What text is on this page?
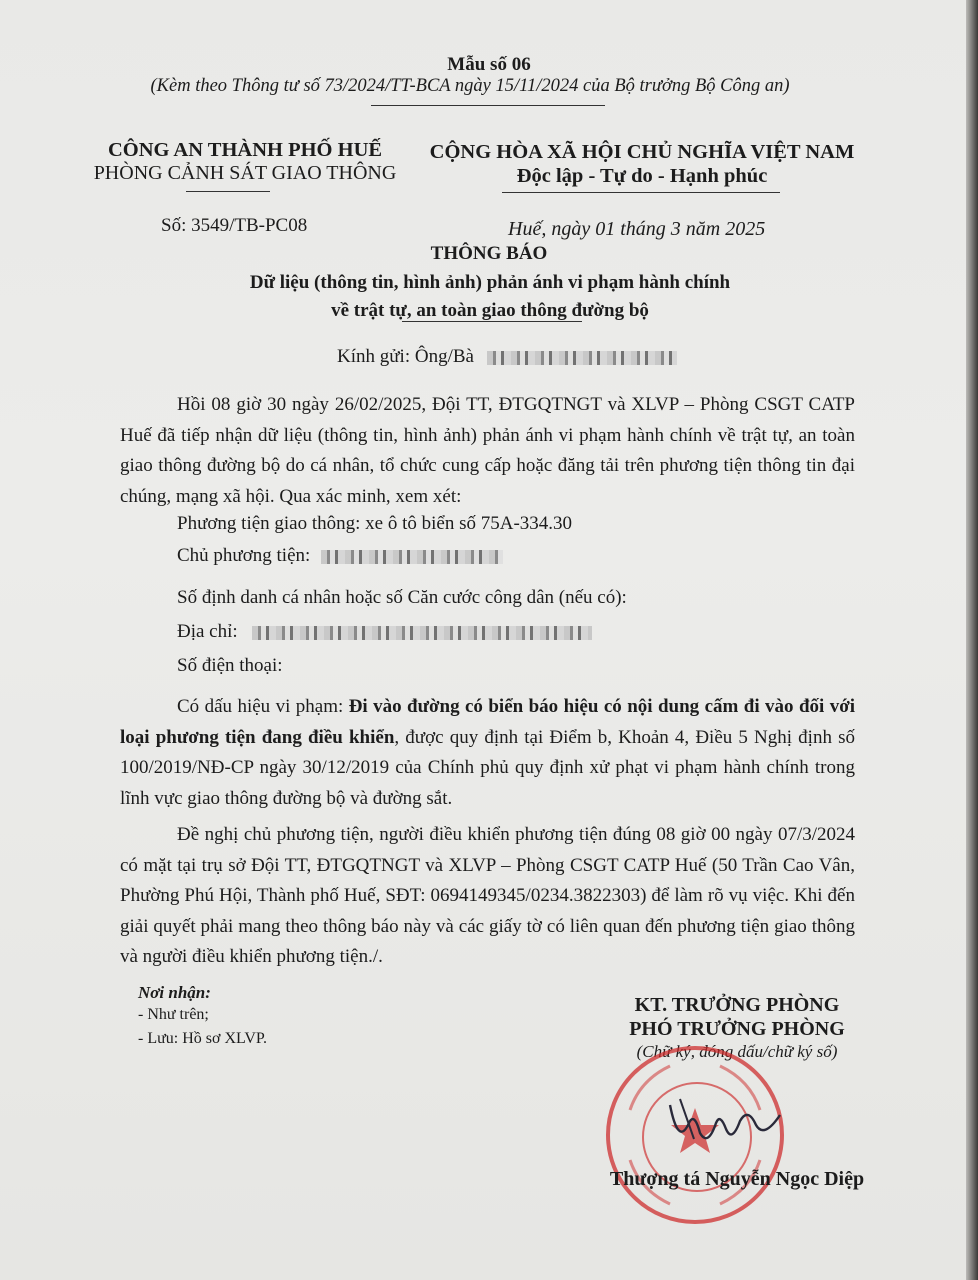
Mẫu số 06
(Kèm theo Thông tư số 73/2024/TT-BCA ngày 15/11/2024 của Bộ trưởng Bộ Công an)
CÔNG AN THÀNH PHỐ HUẾ
PHÒNG CẢNH SÁT GIAO THÔNG
CỘNG HÒA XÃ HỘI CHỦ NGHĨA VIỆT NAM
Độc lập - Tự do - Hạnh phúc
Số: 3549/TB-PC08	Huế, ngày 01 tháng 3 năm 2025
THÔNG BÁO
Dữ liệu (thông tin, hình ảnh) phản ánh vi phạm hành chính
về trật tự, an toàn giao thông đường bộ
Kính gửi: Ông/Bà
Hồi 08 giờ 30 ngày 26/02/2025, Đội TT, ĐTGQTNGT và XLVP – Phòng CSGT CATP Huế đã tiếp nhận dữ liệu (thông tin, hình ảnh) phản ánh vi phạm hành chính về trật tự, an toàn giao thông đường bộ do cá nhân, tổ chức cung cấp hoặc đăng tải trên phương tiện thông tin đại chúng, mạng xã hội. Qua xác minh, xem xét:
Phương tiện giao thông: xe ô tô biển số 75A-334.30
Chủ phương tiện:
Số định danh cá nhân hoặc số Căn cước công dân (nếu có):
Địa chỉ:
Số điện thoại:
Có dấu hiệu vi phạm: Đi vào đường có biển báo hiệu có nội dung cấm đi vào đối với loại phương tiện đang điều khiển, được quy định tại Điểm b, Khoản 4, Điều 5 Nghị định số 100/2019/NĐ-CP ngày 30/12/2019 của Chính phủ quy định xử phạt vi phạm hành chính trong lĩnh vực giao thông đường bộ và đường sắt.
Đề nghị chủ phương tiện, người điều khiển phương tiện đúng 08 giờ 00 ngày 07/3/2024 có mặt tại trụ sở Đội TT, ĐTGQTNGT và XLVP – Phòng CSGT CATP Huế (50 Trần Cao Vân, Phường Phú Hội, Thành phố Huế, SĐT: 0694149345/0234.3822303) để làm rõ vụ việc. Khi đến giải quyết phải mang theo thông báo này và các giấy tờ có liên quan đến phương tiện giao thông và người điều khiển phương tiện./.
Nơi nhận:
- Như trên;
- Lưu: Hồ sơ XLVP.
KT. TRƯỞNG PHÒNG
PHÓ TRƯỞNG PHÒNG
(Chữ ký, đóng dấu/chữ ký số)
Thượng tá Nguyễn Ngọc Diệp
